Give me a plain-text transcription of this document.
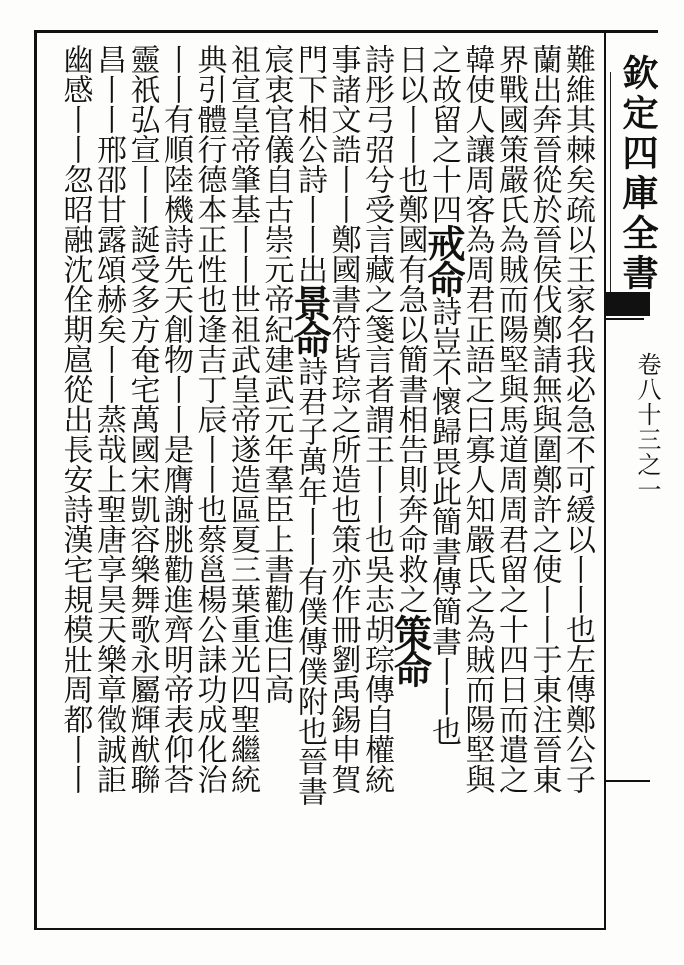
欽定四庫全書
卷八十三之一
難維其棘矣疏以王家名我必急不可緩以丨丨也左傳鄭公子
蘭出奔晉從於晉侯伐鄭請無與圍鄭許之使丨丨于東注晉東
界戰國策嚴氏為賊而陽堅與馬道周周君留之十四日而遣之
韓使人讓周客為周君正語之曰寡人知嚴氏之為賊而陽堅與
之故留之十四戒命詩豈不懷歸畏此簡書傳簡書丨丨也
日以丨丨也鄭國有急以簡書相告則奔命救之策命
詩彤弓弨兮受言藏之箋言者謂王丨丨也吳志胡琮傳自權統
事諸文誥丨丨鄭國書符皆琮之所造也策亦作冊劉禹錫申賀
門下相公詩丨丨出景命詩君子萬年丨丨有僕傳僕附也晉書
宸衷官儀自古崇元帝紀建武元年羣臣上書勸進曰高
祖宣皇帝肇基丨丨世祖武皇帝遂造區夏三葉重光四聖繼統
典引體行德本正性也逢吉丁辰丨丨也蔡邕楊公誄功成化治
丨丨有順陸機詩先天創物丨丨是膺謝朓勸進齊明帝表仰荅
靈祇弘宣丨丨誕受多方奄宅萬國宋凱容樂舞歌永屬輝猷聯
昌丨丨邢邵甘露頌赫矣丨丨蒸哉上聖唐享昊天樂章徵誠詎
幽感丨丨忽昭融沈佺期扈從出長安詩漢宅規模壯周都丨丨
